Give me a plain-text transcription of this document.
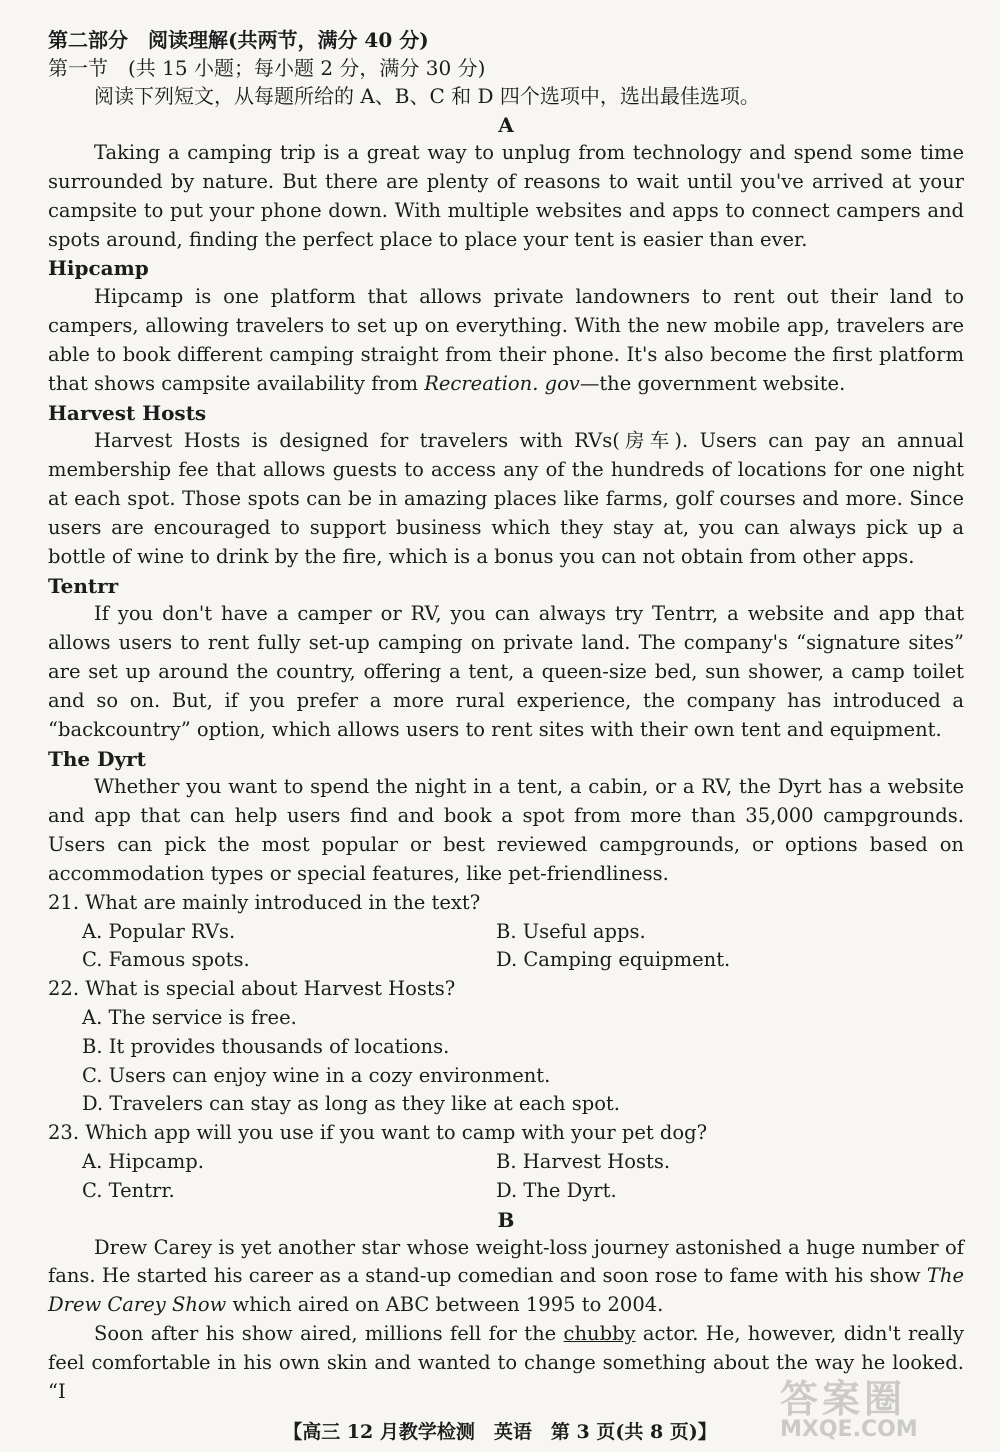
第二部分　阅读理解(共两节，满分 40 分)

第一节　(共 15 小题；每小题 2 分，满分 30 分)

阅读下列短文，从每题所给的 A、B、C 和 D 四个选项中，选出最佳选项。

A

Taking a camping trip is a great way to unplug from technology and spend some time surrounded by nature. But there are plenty of reasons to wait until you've arrived at your campsite to put your phone down. With multiple websites and apps to connect campers and spots around, finding the perfect place to place your tent is easier than ever.

Hipcamp

Hipcamp is one platform that allows private landowners to rent out their land to campers, allowing travelers to set up on everything. With the new mobile app, travelers are able to book different camping straight from their phone. It's also become the first platform that shows campsite availability from Recreation. gov—the government website.

Harvest Hosts

Harvest Hosts is designed for travelers with RVs(房车). Users can pay an annual membership fee that allows guests to access any of the hundreds of locations for one night at each spot. Those spots can be in amazing places like farms, golf courses and more. Since users are encouraged to support business which they stay at, you can always pick up a bottle of wine to drink by the fire, which is a bonus you can not obtain from other apps.

Tentrr

If you don't have a camper or RV, you can always try Tentrr, a website and app that allows users to rent fully set-up camping on private land. The company's “signature sites” are set up around the country, offering a tent, a queen-size bed, sun shower, a camp toilet and so on. But, if you prefer a more rural experience, the company has introduced a “backcountry” option, which allows users to rent sites with their own tent and equipment.

The Dyrt

Whether you want to spend the night in a tent, a cabin, or a RV, the Dyrt has a website and app that can help users find and book a spot from more than 35,000 campgrounds. Users can pick the most popular or best reviewed campgrounds, or options based on accommodation types or special features, like pet-friendliness.

21. What are mainly introduced in the text?

A. Popular RVs.	B. Useful apps.

C. Famous spots.	D. Camping equipment.

22. What is special about Harvest Hosts?

A. The service is free.

B. It provides thousands of locations.

C. Users can enjoy wine in a cozy environment.

D. Travelers can stay as long as they like at each spot.

23. Which app will you use if you want to camp with your pet dog?

A. Hipcamp.	B. Harvest Hosts.

C. Tentrr.	D. The Dyrt.

B

Drew Carey is yet another star whose weight-loss journey astonished a huge number of fans. He started his career as a stand-up comedian and soon rose to fame with his show The Drew Carey Show which aired on ABC between 1995 to 2004.

Soon after his show aired, millions fell for the chubby actor. He, however, didn't really feel comfortable in his own skin and wanted to change something about the way he looked. “I	答案圈
MXQE.COM
【高三 12 月教学检测　英语　第 3 页(共 8 页)】
